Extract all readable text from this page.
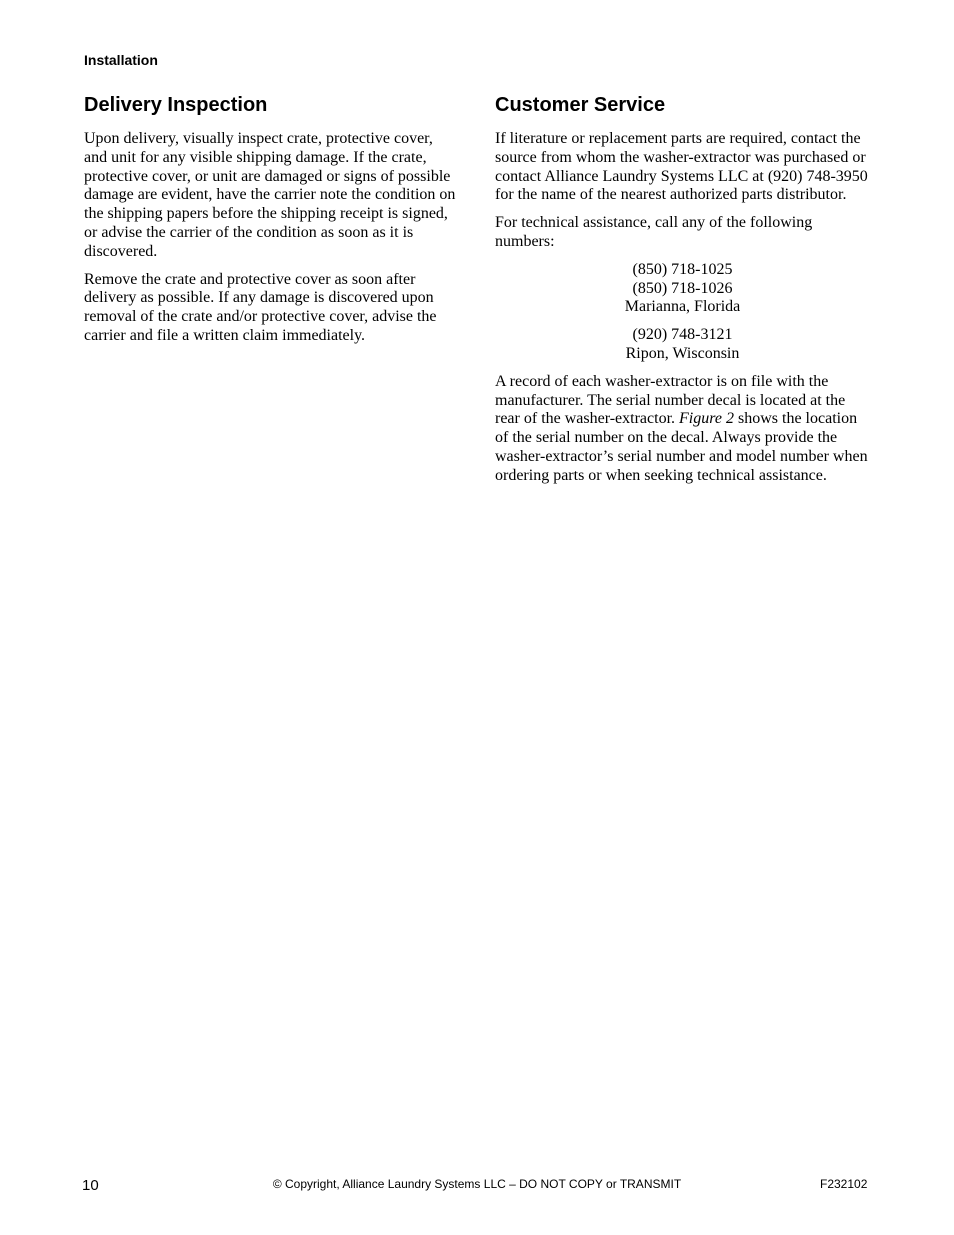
Installation
Delivery Inspection

Upon delivery, visually inspect crate, protective cover, and unit for any visible shipping damage. If the crate, protective cover, or unit are damaged or signs of possible damage are evident, have the carrier note the condition on the shipping papers before the shipping receipt is signed, or advise the carrier of the condition as soon as it is discovered.

Remove the crate and protective cover as soon after delivery as possible. If any damage is discovered upon removal of the crate and/or protective cover, advise the carrier and file a written claim immediately.

Customer Service

If literature or replacement parts are required, contact the source from whom the washer-extractor was purchased or contact Alliance Laundry Systems LLC at (920) 748-3950 for the name of the nearest authorized parts distributor.

For technical assistance, call any of the following numbers:

(850) 718-1025
(850) 718-1026
Marianna, Florida
(920) 748-3121
Ripon, Wisconsin

A record of each washer-extractor is on file with the manufacturer. The serial number decal is located at the rear of the washer-extractor. Figure 2 shows the location of the serial number on the decal. Always provide the washer-extractor’s serial number and model number when ordering parts or when seeking technical assistance.

© Copyright, Alliance Laundry Systems LLC – DO NOT COPY or TRANSMIT
10	F232102
